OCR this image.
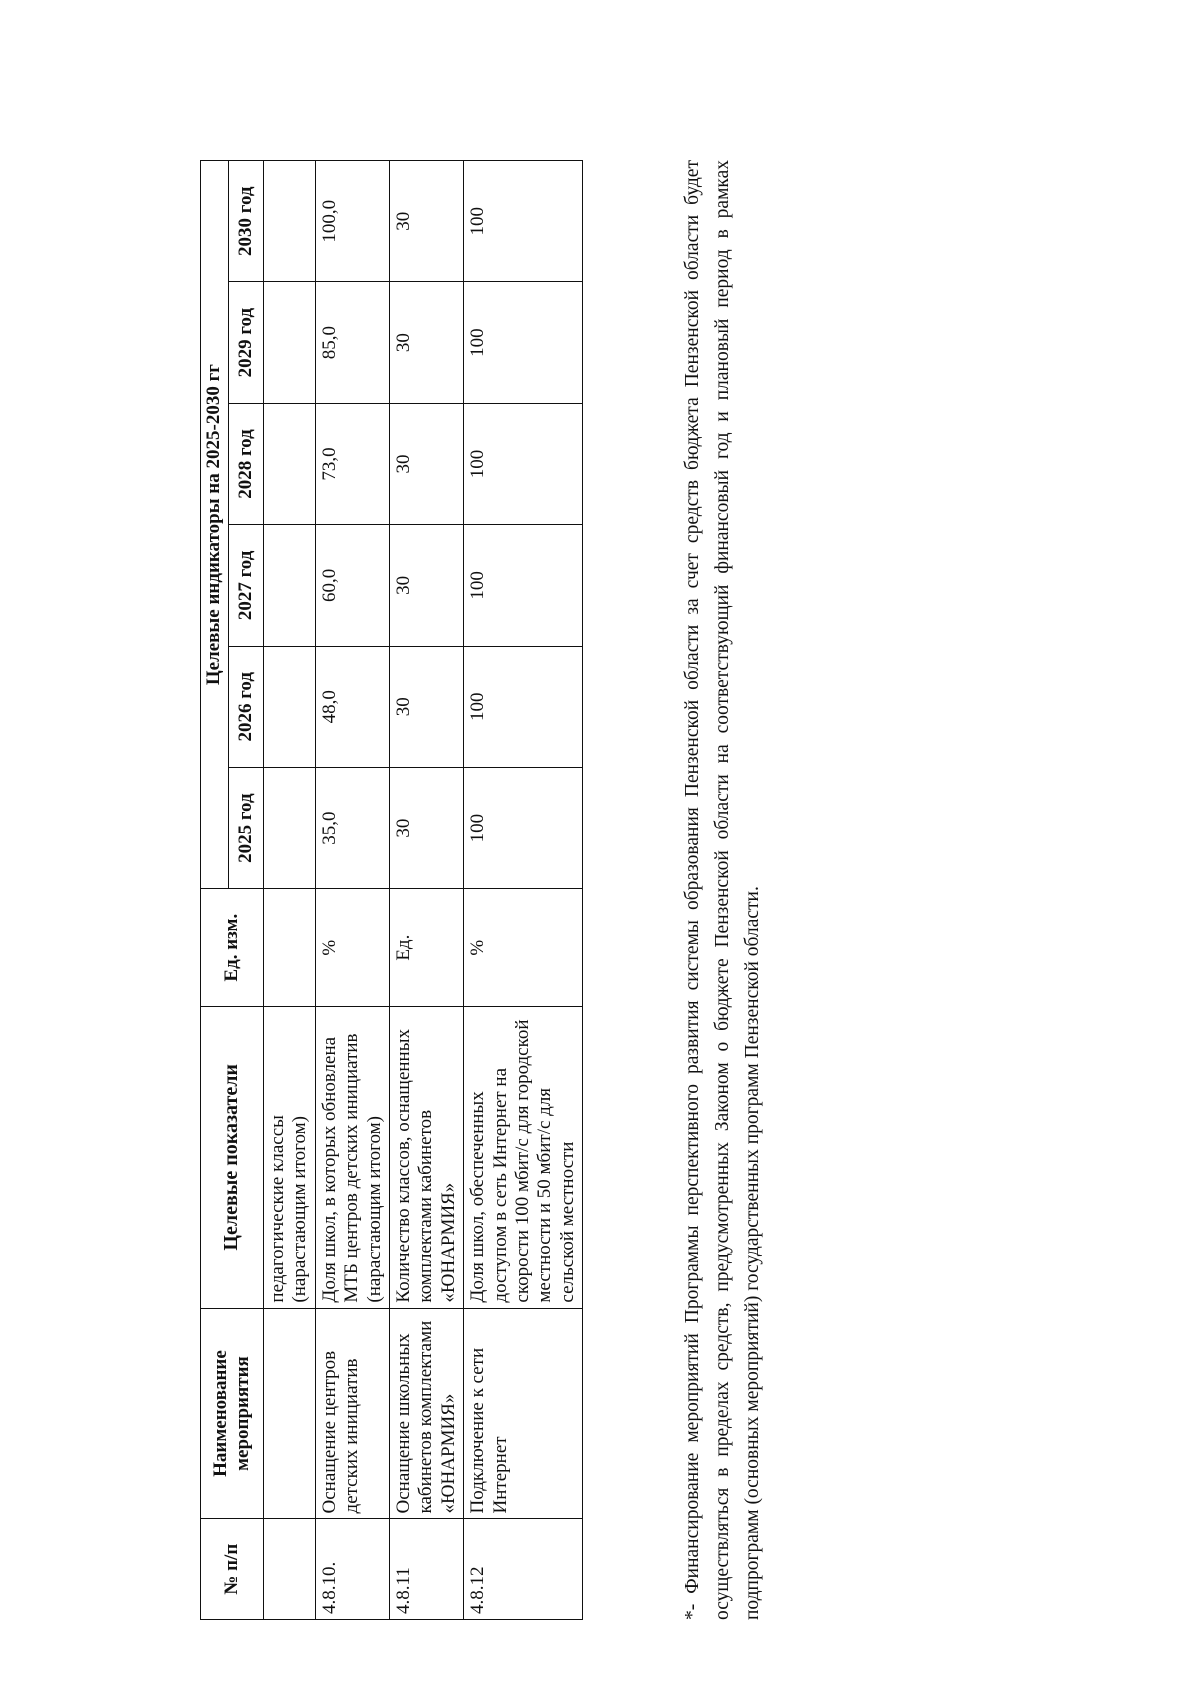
№ п/п	Наименование мероприятия	Целевые показатели	Ед. изм.	Целевые индикаторы на 2025-2030 гг					
				2025 год	2026 год	2027 год	2028 год	2029 год	2030 год
		педагогические классы (нарастающим итогом)							
4.8.10.	Оснащение центров детских инициатив	Доля школ, в которых обновлена МТБ центров детских инициатив (нарастающим итогом)	%	35,0	48,0	60,0	73,0	85,0	100,0
4.8.11	Оснащение школьных кабинетов комплектами «ЮНАРМИЯ»	Количество классов, оснащенных комплектами кабинетов «ЮНАРМИЯ»	Ед.	30	30	30	30	30	30
4.8.12	Подключение к сети Интернет	Доля школ, обеспеченных доступом в сеть Интернет на скорости 100 мбит/с для городской местности и 50 мбит/с для сельской местности	%	100	100	100	100	100	100	*- Финансирование мероприятий Программы перспективного развития системы образования Пензенской области за счет средств бюджета Пензенской области будет осуществляться в пределах средств, предусмотренных Законом о бюджете Пензенской области на соответствующий финансовый год и плановый период в рамках подпрограмм (основных мероприятий) государственных программ Пензенской области.
